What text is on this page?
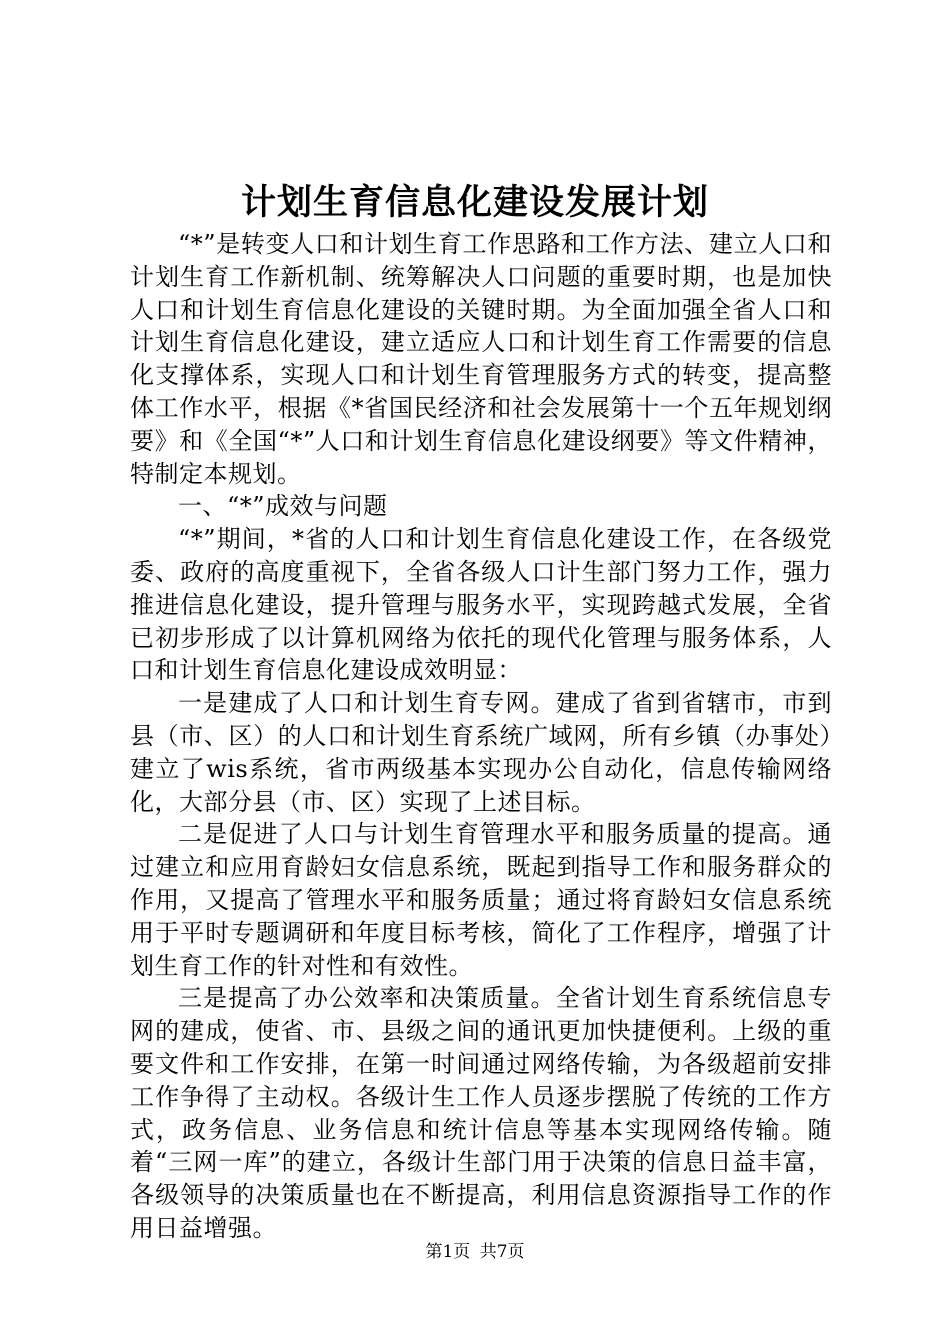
计划生育信息化建设发展计划

“*”是转变人口和计划生育工作思路和工作方法、建立人口和计划生育工作新机制、统筹解决人口问题的重要时期，也是加快人口和计划生育信息化建设的关键时期。为全面加强全省人口和计划生育信息化建设，建立适应人口和计划生育工作需要的信息化支撑体系，实现人口和计划生育管理服务方式的转变，提高整体工作水平，根据《*省国民经济和社会发展第十一个五年规划纲要》和《全国“*”人口和计划生育信息化建设纲要》等文件精神，特制定本规划。

一、“*”成效与问题

“*”期间，*省的人口和计划生育信息化建设工作，在各级党委、政府的高度重视下，全省各级人口计生部门努力工作，强力推进信息化建设，提升管理与服务水平，实现跨越式发展，全省已初步形成了以计算机网络为依托的现代化管理与服务体系，人口和计划生育信息化建设成效明显：

一是建成了人口和计划生育专网。建成了省到省辖市，市到县（市、区）的人口和计划生育系统广域网，所有乡镇（办事处）建立了wis系统，省市两级基本实现办公自动化，信息传输网络化，大部分县（市、区）实现了上述目标。

二是促进了人口与计划生育管理水平和服务质量的提高。通过建立和应用育龄妇女信息系统，既起到指导工作和服务群众的作用，又提高了管理水平和服务质量；通过将育龄妇女信息系统用于平时专题调研和年度目标考核，简化了工作程序，增强了计划生育工作的针对性和有效性。

三是提高了办公效率和决策质量。全省计划生育系统信息专网的建成，使省、市、县级之间的通讯更加快捷便利。上级的重要文件和工作安排，在第一时间通过网络传输，为各级超前安排工作争得了主动权。各级计生工作人员逐步摆脱了传统的工作方式，政务信息、业务信息和统计信息等基本实现网络传输。随着“三网一库”的建立，各级计生部门用于决策的信息日益丰富，各级领导的决策质量也在不断提高，利用信息资源指导工作的作用日益增强。

第1页 共7页
